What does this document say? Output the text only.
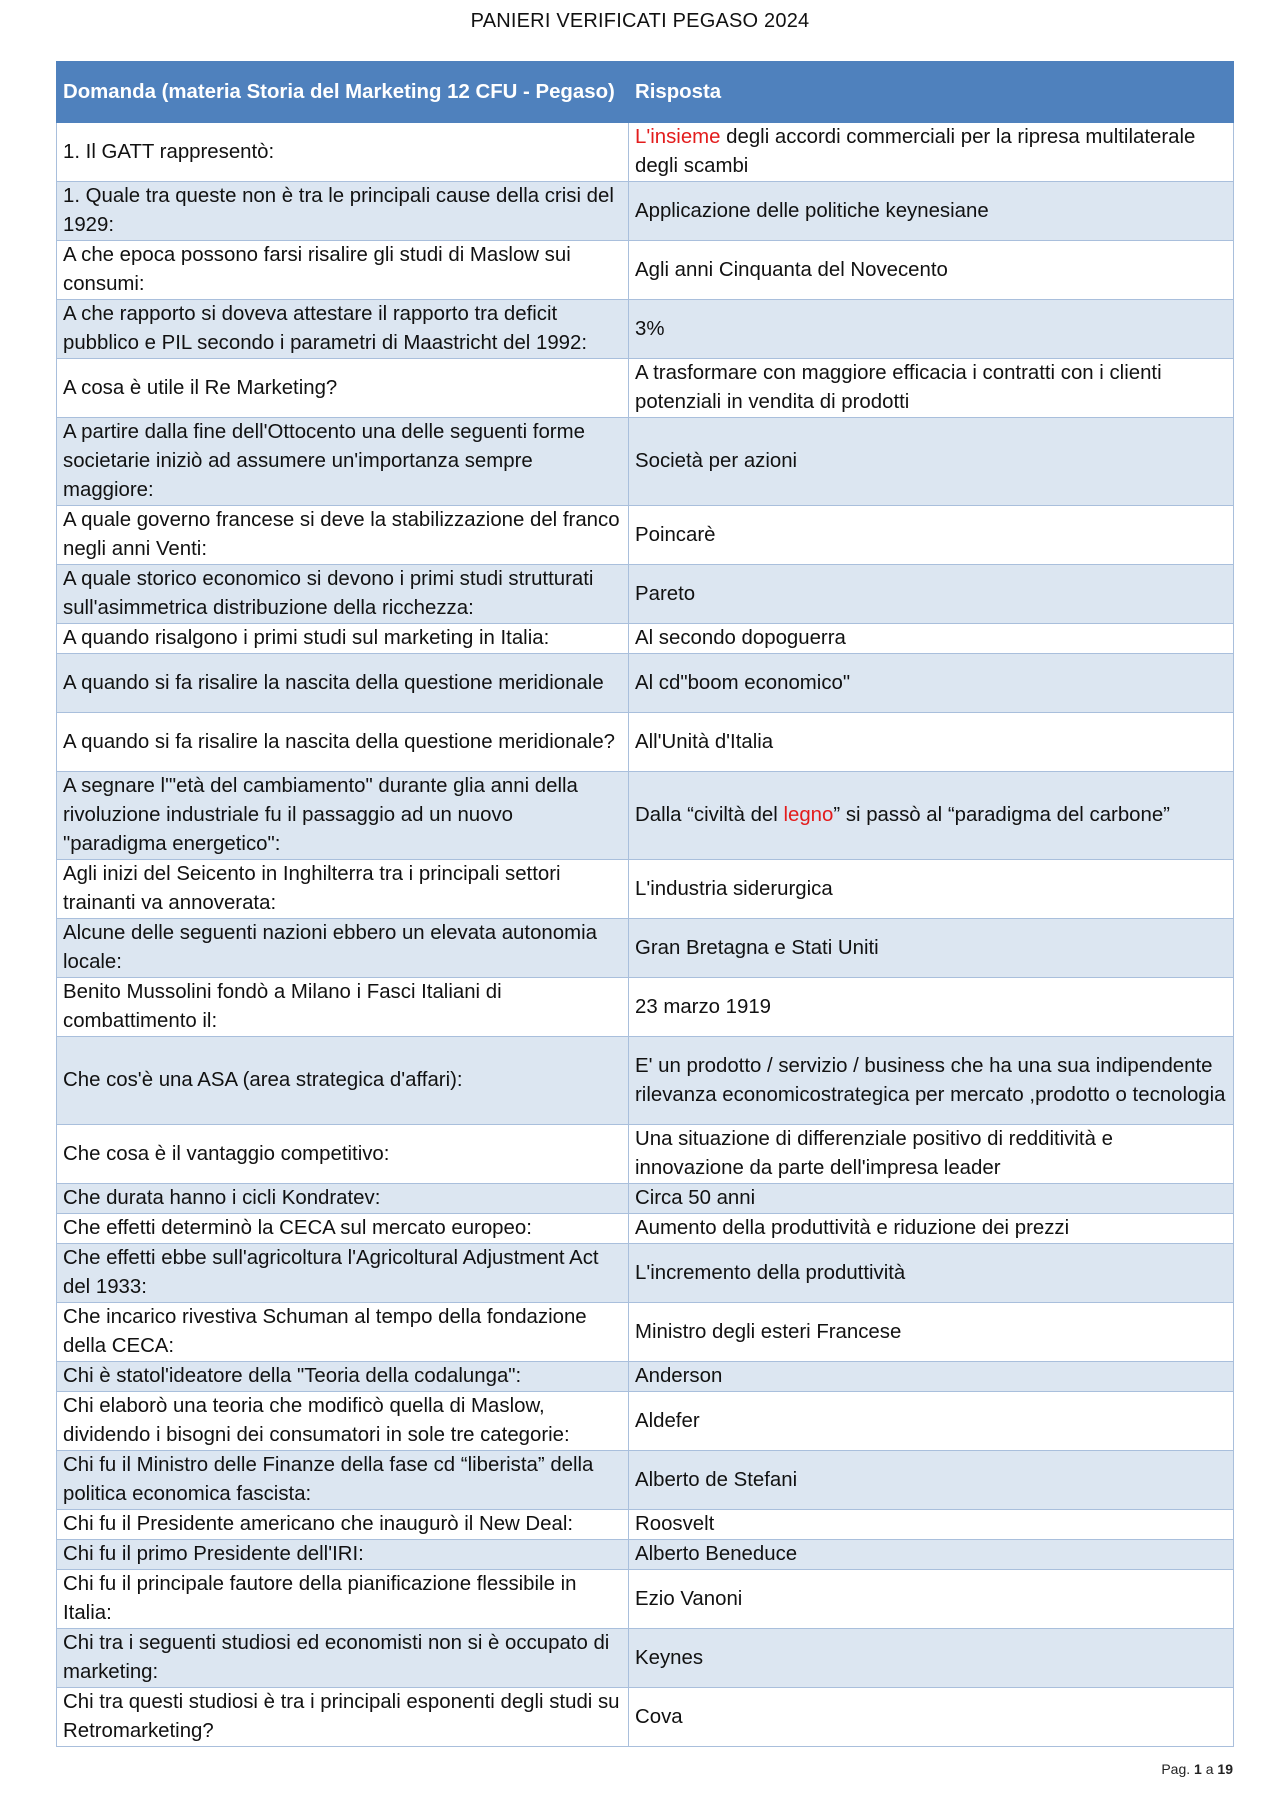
PANIERI VERIFICATI PEGASO 2024
Domanda (materia Storia del Marketing 12 CFU - Pegaso)	Risposta
1. Il GATT rappresentò:	L'insieme degli accordi commerciali per la ripresa multilaterale degli scambi
1. Quale tra queste non è tra le principali cause della crisi del 1929:	Applicazione delle politiche keynesiane
A che epoca possono farsi risalire gli studi di Maslow sui consumi:	Agli anni Cinquanta del Novecento
A che rapporto si doveva attestare il rapporto tra deficit pubblico e PIL secondo i parametri di Maastricht del 1992:	3%
A cosa è utile il Re Marketing?	A trasformare con maggiore efficacia i contratti con i clienti potenziali in vendita di prodotti
A partire dalla fine dell'Ottocento una delle seguenti forme societarie iniziò ad assumere un'importanza sempre maggiore:	Società per azioni
A quale governo francese si deve la stabilizzazione del franco negli anni Venti:	Poincarè
A quale storico economico si devono i primi studi strutturati sull'asimmetrica distribuzione della ricchezza:	Pareto
A quando risalgono i primi studi sul marketing in Italia:	Al secondo dopoguerra
A quando si fa risalire la nascita della questione meridionale	Al cd"boom economico"
A quando si fa risalire la nascita della questione meridionale?	All'Unità d'Italia
A segnare l'"età del cambiamento" durante glia anni della rivoluzione industriale fu il passaggio ad un nuovo "paradigma energetico":	Dalla “civiltà del legno” si passò al “paradigma del carbone”
Agli inizi del Seicento in Inghilterra tra i principali settori trainanti va annoverata:	L'industria siderurgica
Alcune delle seguenti nazioni ebbero un elevata autonomia locale:	Gran Bretagna e Stati Uniti
Benito Mussolini fondò a Milano i Fasci Italiani di combattimento il:	23 marzo 1919
Che cos'è una ASA (area strategica d'affari):	E' un prodotto / servizio / business che ha una sua indipendente rilevanza economicostrategica per mercato ,prodotto o tecnologia
Che cosa è il vantaggio competitivo:	Una situazione di differenziale positivo di redditività e innovazione da parte dell'impresa leader
Che durata hanno i cicli Kondratev:	Circa 50 anni
Che effetti determinò la CECA sul mercato europeo:	Aumento della produttività e riduzione dei prezzi
Che effetti ebbe sull'agricoltura l'Agricoltural Adjustment Act del 1933:	L'incremento della produttività
Che incarico rivestiva Schuman al tempo della fondazione della CECA:	Ministro degli esteri Francese
Chi è statol'ideatore della "Teoria della codalunga":	Anderson
Chi elaborò una teoria che modificò quella di Maslow, dividendo i bisogni dei consumatori in sole tre categorie:	Aldefer
Chi fu il Ministro delle Finanze della fase cd “liberista” della politica economica fascista:	Alberto de Stefani
Chi fu il Presidente americano che inaugurò il New Deal:	Roosvelt
Chi fu il primo Presidente dell'IRI:	Alberto Beneduce
Chi fu il principale fautore della pianificazione flessibile in Italia:	Ezio Vanoni
Chi tra i seguenti studiosi ed economisti non si è occupato di marketing:	Keynes
Chi tra questi studiosi è tra i principali esponenti degli studi su Retromarketing?	Cova
Pag. 1 a 19
